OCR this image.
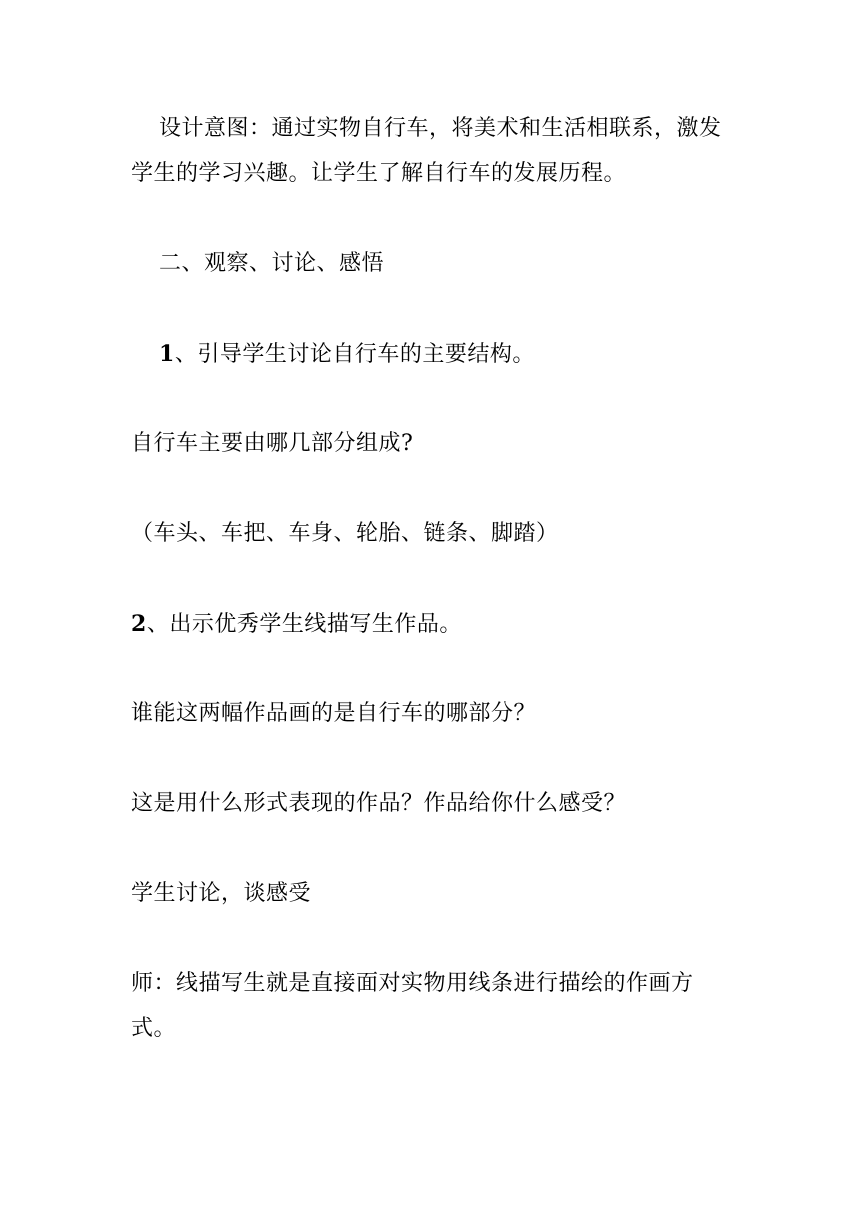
设计意图：通过实物自行车，将美术和生活相联系，激发
学生的学习兴趣。让学生了解自行车的发展历程。
二、观察、讨论、感悟
1、引导学生讨论自行车的主要结构。
自行车主要由哪几部分组成?
（车头、车把、车身、轮胎、链条、脚踏）
2、出示优秀学生线描写生作品。
谁能这两幅作品画的是自行车的哪部分？
这是用什么形式表现的作品？作品给你什么感受？
学生讨论，谈感受
师：线描写生就是直接面对实物用线条进行描绘的作画方
式。
